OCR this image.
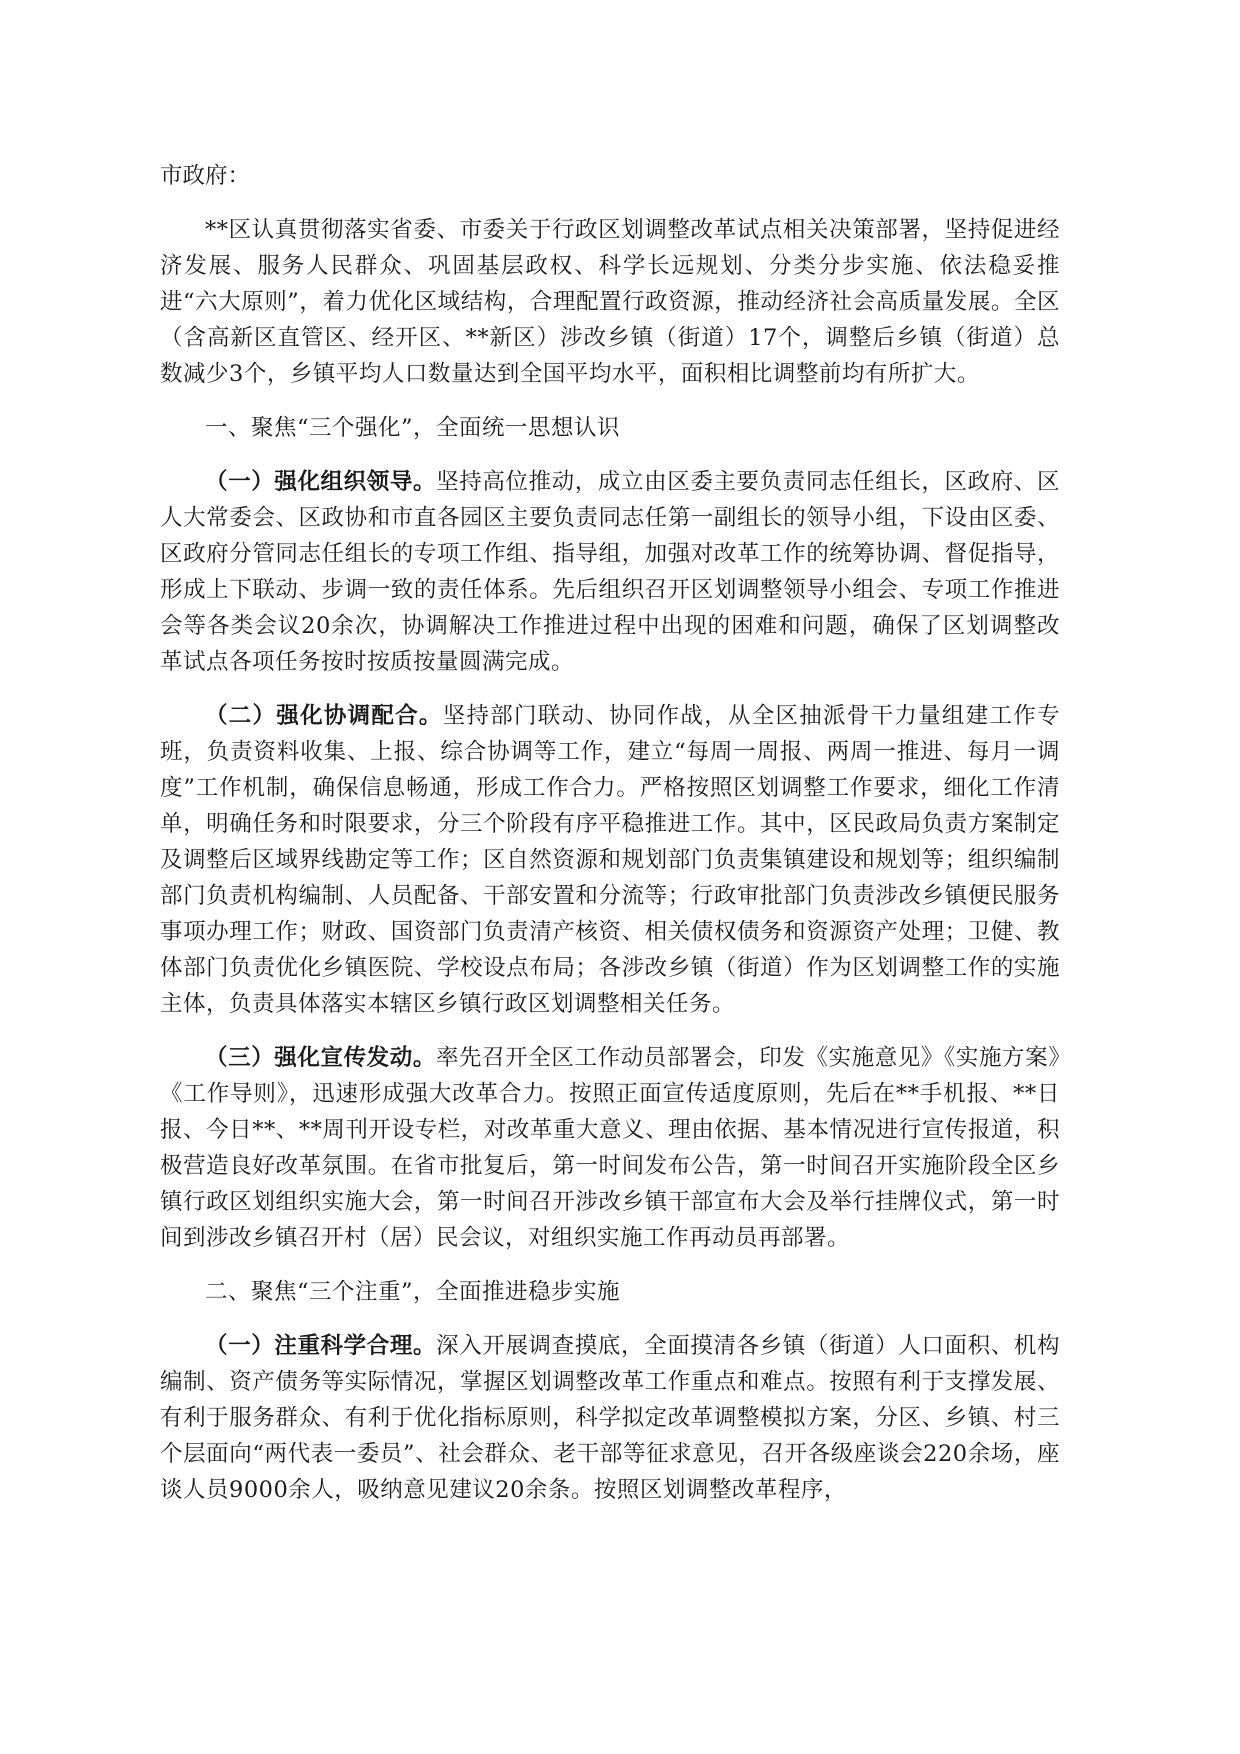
市政府：

**区认真贯彻落实省委、市委关于行政区划调整改革试点相关决策部署，坚持促进经济发展、服务人民群众、巩固基层政权、科学长远规划、分类分步实施、依法稳妥推进“六大原则”，着力优化区域结构，合理配置行政资源，推动经济社会高质量发展。全区（含高新区直管区、经开区、**新区）涉改乡镇（街道）17个，调整后乡镇（街道）总数减少3个，乡镇平均人口数量达到全国平均水平，面积相比调整前均有所扩大。

一、聚焦“三个强化”，全面统一思想认识

（一）强化组织领导。坚持高位推动，成立由区委主要负责同志任组长，区政府、区人大常委会、区政协和市直各园区主要负责同志任第一副组长的领导小组，下设由区委、区政府分管同志任组长的专项工作组、指导组，加强对改革工作的统筹协调、督促指导，形成上下联动、步调一致的责任体系。先后组织召开区划调整领导小组会、专项工作推进会等各类会议20余次，协调解决工作推进过程中出现的困难和问题，确保了区划调整改革试点各项任务按时按质按量圆满完成。

（二）强化协调配合。坚持部门联动、协同作战，从全区抽派骨干力量组建工作专班，负责资料收集、上报、综合协调等工作，建立“每周一周报、两周一推进、每月一调度”工作机制，确保信息畅通，形成工作合力。严格按照区划调整工作要求，细化工作清单，明确任务和时限要求，分三个阶段有序平稳推进工作。其中，区民政局负责方案制定及调整后区域界线勘定等工作；区自然资源和规划部门负责集镇建设和规划等；组织编制部门负责机构编制、人员配备、干部安置和分流等；行政审批部门负责涉改乡镇便民服务事项办理工作；财政、国资部门负责清产核资、相关债权债务和资源资产处理；卫健、教体部门负责优化乡镇医院、学校设点布局；各涉改乡镇（街道）作为区划调整工作的实施主体，负责具体落实本辖区乡镇行政区划调整相关任务。

（三）强化宣传发动。率先召开全区工作动员部署会，印发《实施意见》《实施方案》《工作导则》，迅速形成强大改革合力。按照正面宣传适度原则，先后在**手机报、**日报、今日**、**周刊开设专栏，对改革重大意义、理由依据、基本情况进行宣传报道，积极营造良好改革氛围。在省市批复后，第一时间发布公告，第一时间召开实施阶段全区乡镇行政区划组织实施大会，第一时间召开涉改乡镇干部宣布大会及举行挂牌仪式，第一时间到涉改乡镇召开村（居）民会议，对组织实施工作再动员再部署。

二、聚焦“三个注重”，全面推进稳步实施

（一）注重科学合理。深入开展调查摸底，全面摸清各乡镇（街道）人口面积、机构编制、资产债务等实际情况，掌握区划调整改革工作重点和难点。按照有利于支撑发展、有利于服务群众、有利于优化指标原则，科学拟定改革调整模拟方案，分区、乡镇、村三个层面向“两代表一委员”、社会群众、老干部等征求意见，召开各级座谈会220余场，座谈人员9000余人，吸纳意见建议20余条。按照区划调整改革程序，
